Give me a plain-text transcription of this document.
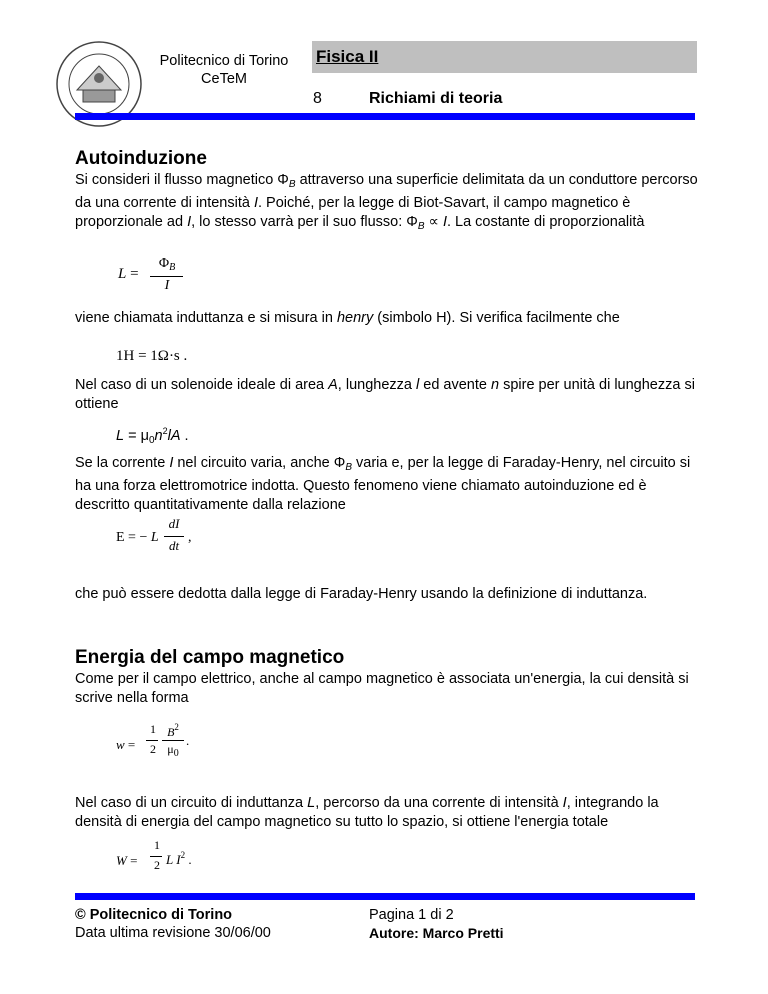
Politecnico di Torino
CeTeM
Fisica II
8	Richiami di teoria
Autoinduzione
Si consideri il flusso magnetico $\Phi_B$ attraverso una superficie delimitata da un conduttore percorso da una corrente di intensità I. Poiché, per la legge di Biot-Savart, il campo magnetico è proporzionale ad I, lo stesso varrà per il suo flusso: $\Phi_B \propto I$. La costante di proporzionalità
L =
$\Phi_B$
I
viene chiamata induttanza e si misura in henry (simbolo H). Si verifica facilmente che
1H = 1Ω·s .
Nel caso di un solenoide ideale di area A, lunghezza l ed avente n spire per unità di lunghezza si ottiene
$L = \mu_0n^2lA$ .
Se la corrente I nel circuito varia, anche $\Phi_B$ varia e, per la legge di Faraday-Henry, nel circuito si ha una forza elettromotrice indotta. Questo fenomeno viene chiamato autoinduzione ed è descritto quantitativamente dalla relazione
E = − L
dI
dt
,
che può essere dedotta dalla legge di Faraday-Henry usando la definizione di induttanza.
Energia del campo magnetico
Come per il campo elettrico, anche al campo magnetico è associata un'energia, la cui densità si scrive nella forma
w =
1
2
$B^2$
$\mu_0$
.
Nel caso di un circuito di induttanza L, percorso da una corrente di intensità I, integrando la densità di energia del campo magnetico su tutto lo spazio, si ottiene l'energia totale
W =
1
2 L $I^2$ .
© Politecnico di Torino
Data ultima revisione 30/06/00
Pagina 1 di 2
Autore: Marco Pretti
